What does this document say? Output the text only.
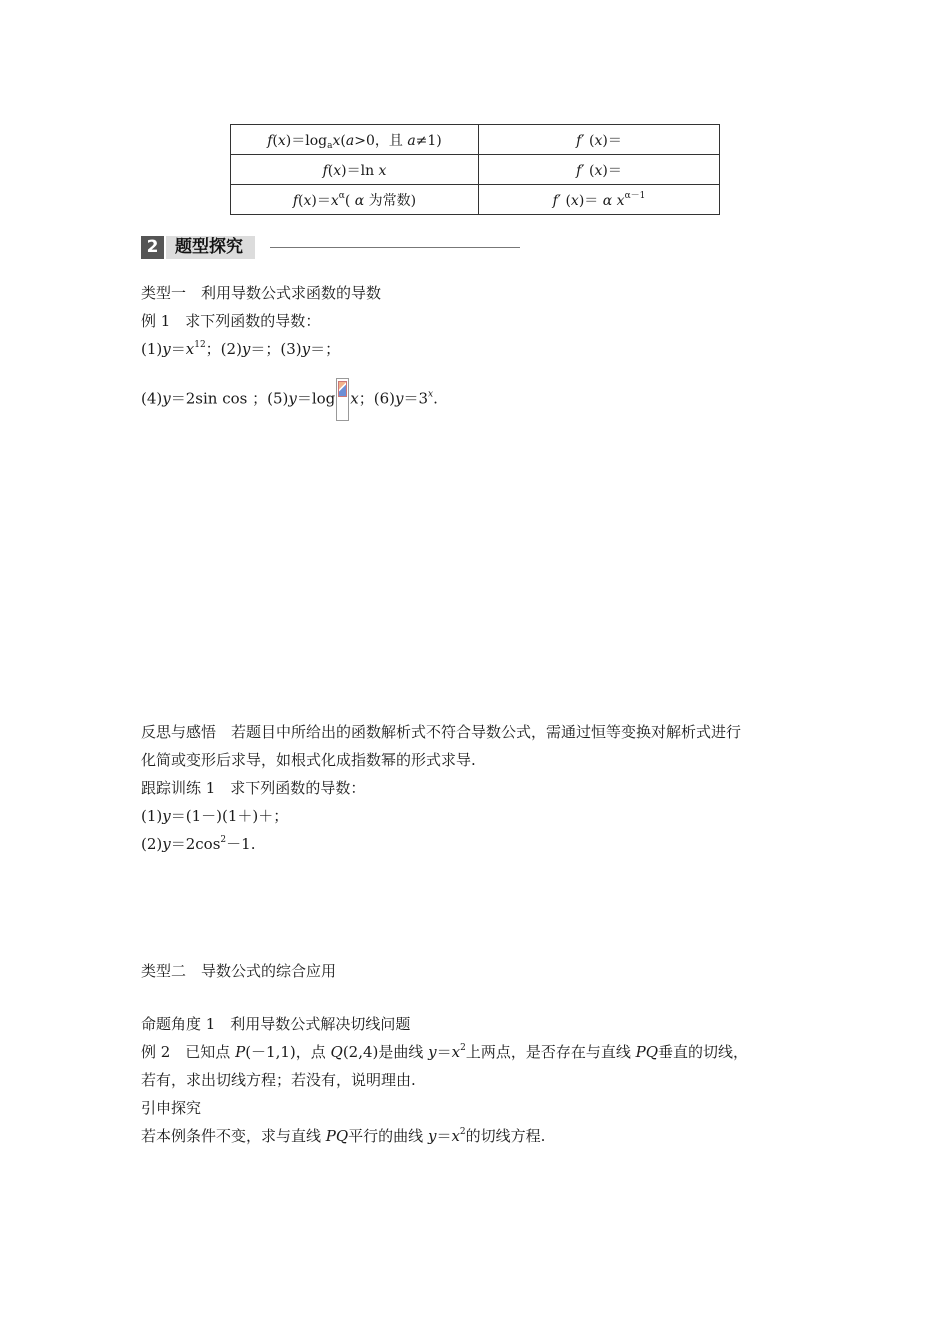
$f(x)=\log_ax(a>0$，且 a≠1)	f′ (x)＝
f(x)＝ln x	f′ (x)＝
$f(x)=x^\alpha$( α 为常数)	f′ (x)＝ α $x^{\alpha-1}$
2 题型探究
类型一　利用导数公式求函数的导数
例 1　求下列函数的导数：
$(1)y=x^{12}$；(2)y＝；(3)y＝；
(4)y＝2sin cos ；(5)y＝log x；$(6)y=3^x$.
反思与感悟　若题目中所给出的函数解析式不符合导数公式，需通过恒等变换对解析式进行
化简或变形后求导，如根式化成指数幂的形式求导.
跟踪训练 1　求下列函数的导数：
(1)y＝(1－)(1＋)＋；
$(2)y=2\cos^2-1$.
类型二　导数公式的综合应用
命题角度 1　利用导数公式解决切线问题
例 2　已知点 P(－1,1)，点 Q(2,4)是曲线 $y=x^2$上两点，是否存在与直线 PQ垂直的切线，
若有，求出切线方程；若没有，说明理由.
引申探究
若本例条件不变，求与直线 PQ平行的曲线 $y=x^2$的切线方程.
